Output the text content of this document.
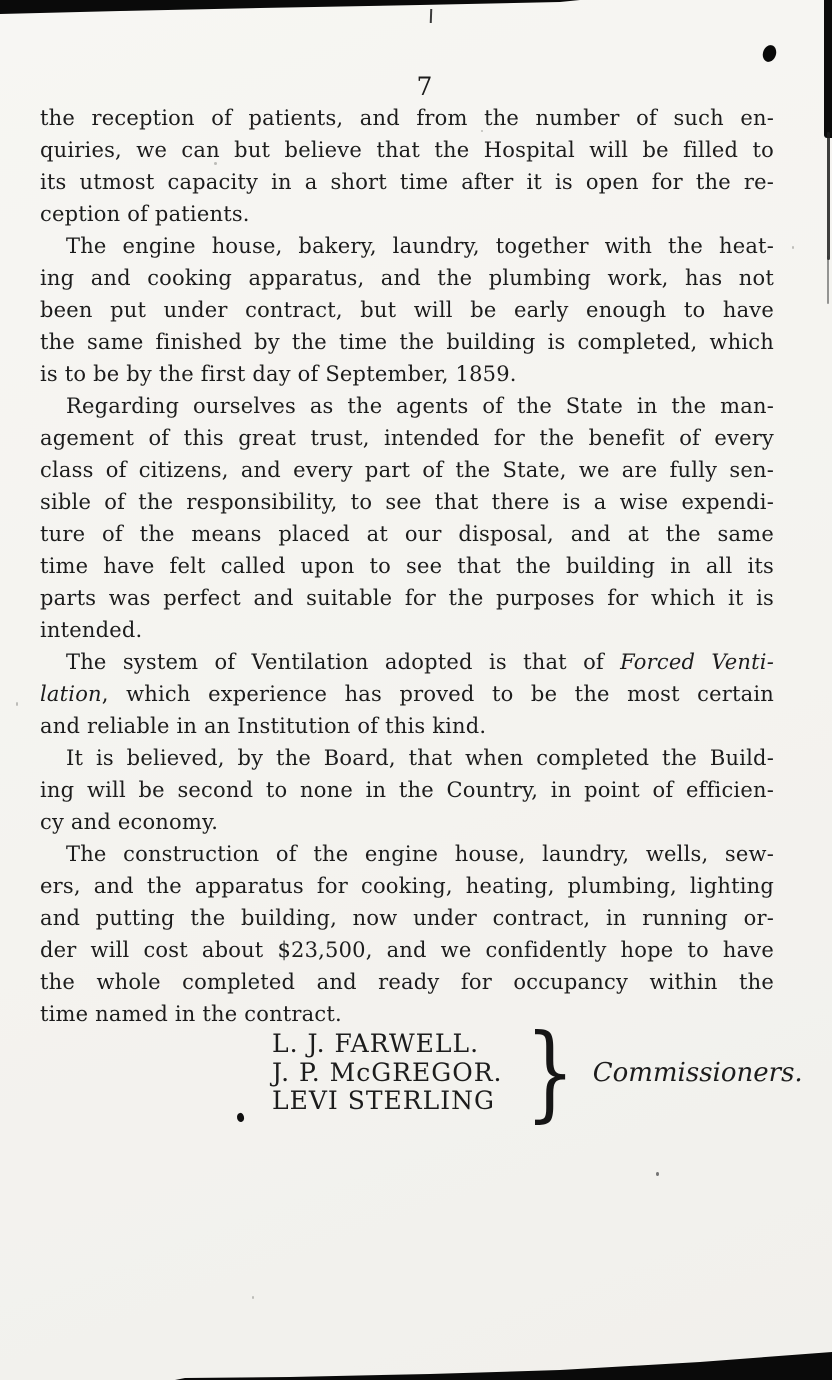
7
the reception of patients, and from the number of such en-
quiries, we can but believe that the Hospital will be filled to
its utmost capacity in a short time after it is open for the re-
ception of patients.
The engine house, bakery, laundry, together with the heat-
ing and cooking apparatus, and the plumbing work, has not
been put under contract, but will be early enough to have
the same finished by the time the building is completed, which
is to be by the first day of September, 1859.
Regarding ourselves as the agents of the State in the man-
agement of this great trust, intended for the benefit of every
class of citizens, and every part of the State, we are fully sen-
sible of the responsibility, to see that there is a wise expendi-
ture of the means placed at our disposal, and at the same
time have felt called upon to see that the building in all its
parts was perfect and suitable for the purposes for which it is
intended.
The system of Ventilation adopted is that of Forced Venti-
lation, which experience has proved to be the most certain
and reliable in an Institution of this kind.
It is believed, by the Board, that when completed the Build-
ing will be second to none in the Country, in point of efficien-
cy and economy.
The construction of the engine house, laundry, wells, sew-
ers, and the apparatus for cooking, heating, plumbing, lighting
and putting the building, now under contract, in running or-
der will cost about $23,500, and we confidently hope to have
the whole completed and ready for occupancy within the
time named in the contract.
L. J. FARWELL.
J. P. McGREGOR.
LEVI STERLING } Commissioners.
